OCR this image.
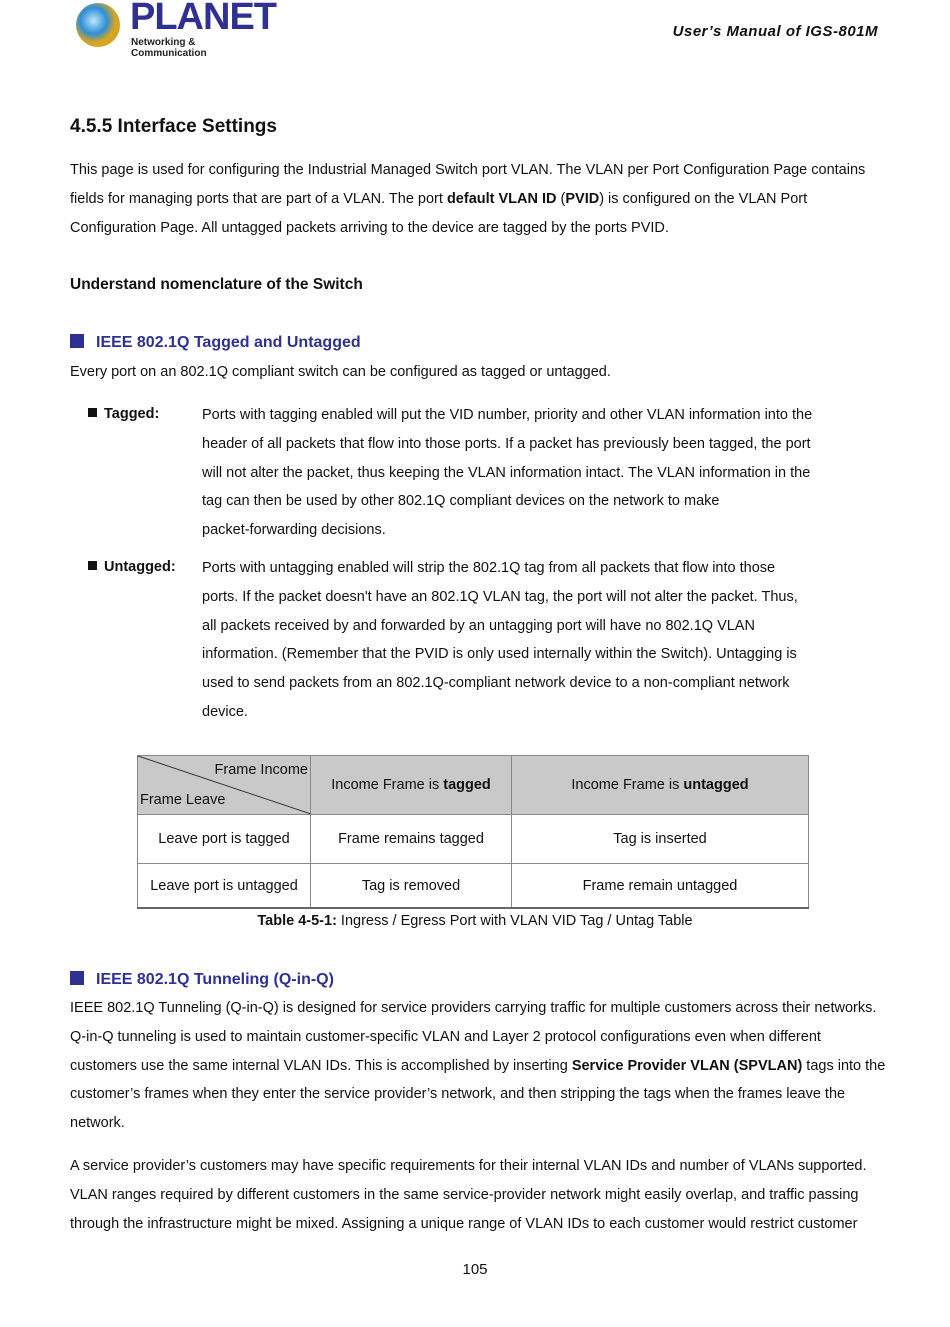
PLANET
Networking & Communication
User’s Manual of IGS-801M
4.5.5 Interface Settings
Understand nomenclature of the Switch
IEEE 802.1Q Tagged and Untagged
Every port on an 802.1Q compliant switch can be configured as tagged or untagged.
Frame Income
Frame Leave	Income Frame is tagged	Income Frame is untagged
Leave port is tagged	Frame remains tagged	Tag is inserted
Leave port is untagged	Tag is removed	Frame remain untagged
Table 4-5-1: Ingress / Egress Port with VLAN VID Tag / Untag Table
IEEE 802.1Q Tunneling (Q-in-Q)
105
This page is used for configuring the Industrial Managed Switch port VLAN. The VLAN per Port Configuration Page contains
fields for managing ports that are part of a VLAN. The port default VLAN ID (PVID) is configured on the VLAN Port
Configuration Page. All untagged packets arriving to the device are tagged by the ports PVID.
Tagged:	Ports with tagging enabled will put the VID number, priority and other VLAN information into the
header of all packets that flow into those ports. If a packet has previously been tagged, the port
will not alter the packet, thus keeping the VLAN information intact. The VLAN information in the
tag can then be used by other 802.1Q compliant devices on the network to make
packet-forwarding decisions.
Untagged: Ports with untagging enabled will strip the 802.1Q tag from all packets that flow into those
ports. If the packet doesn't have an 802.1Q VLAN tag, the port will not alter the packet. Thus,
all packets received by and forwarded by an untagging port will have no 802.1Q VLAN
information. (Remember that the PVID is only used internally within the Switch). Untagging is
used to send packets from an 802.1Q-compliant network device to a non-compliant network
device.
IEEE 802.1Q Tunneling (Q-in-Q) is designed for service providers carrying traffic for multiple customers across their networks.
Q-in-Q tunneling is used to maintain customer-specific VLAN and Layer 2 protocol configurations even when different
customers use the same internal VLAN IDs. This is accomplished by inserting Service Provider VLAN (SPVLAN) tags into the
customer’s frames when they enter the service provider’s network, and then stripping the tags when the frames leave the
network.
A service provider’s customers may have specific requirements for their internal VLAN IDs and number of VLANs supported.
VLAN ranges required by different customers in the same service-provider network might easily overlap, and traffic passing
through the infrastructure might be mixed. Assigning a unique range of VLAN IDs to each customer would restrict customer
